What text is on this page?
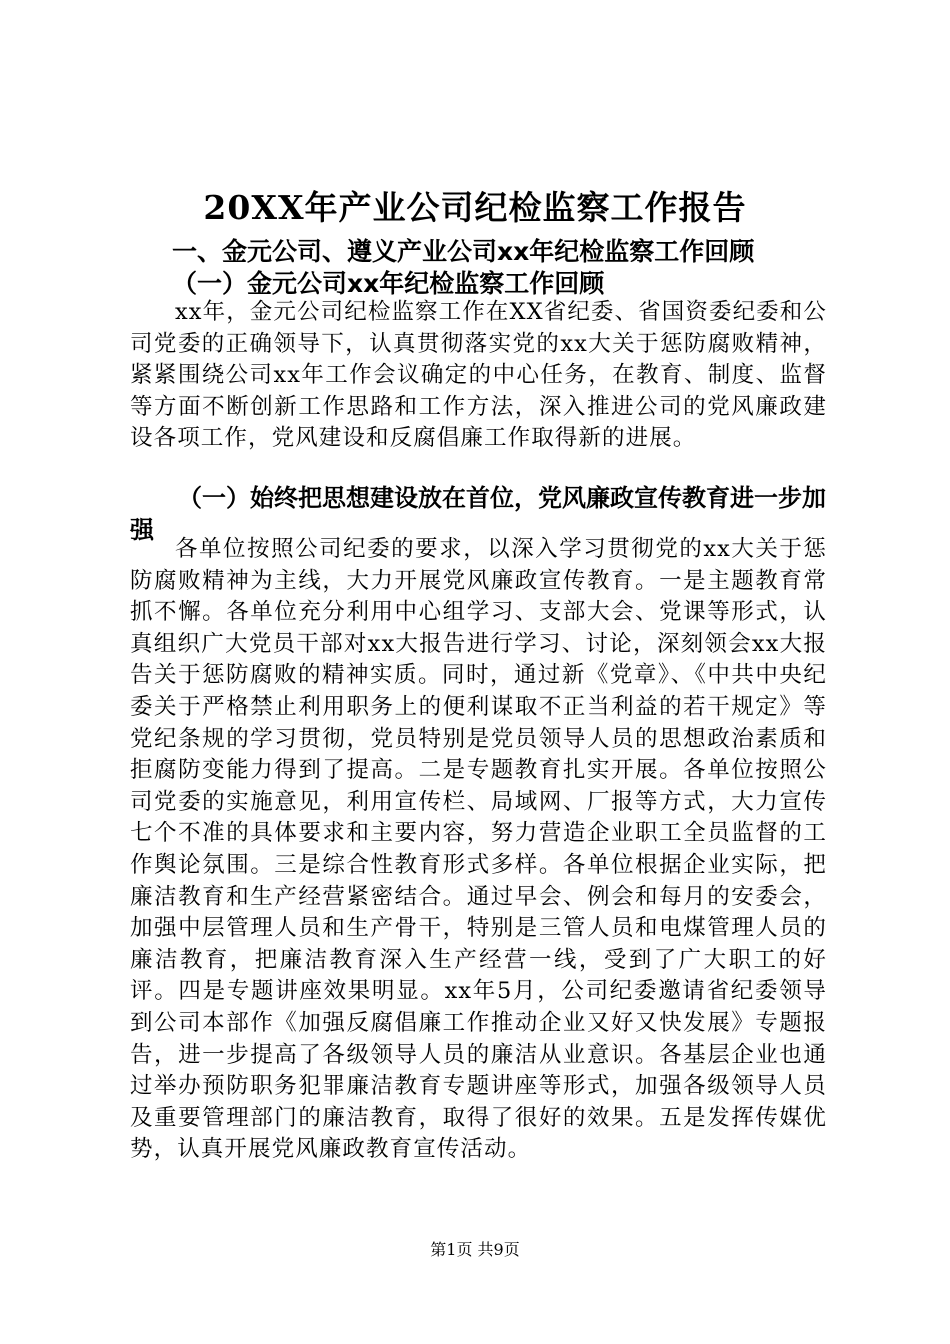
20XX年产业公司纪检监察工作报告
一、金元公司、遵义产业公司xx年纪检监察工作回顾
（一）金元公司xx年纪检监察工作回顾

xx年，金元公司纪检监察工作在XX省纪委、省国资委纪委和公司党委的正确领导下，认真贯彻落实党的xx大关于惩防腐败精神，紧紧围绕公司xx年工作会议确定的中心任务，在教育、制度、监督等方面不断创新工作思路和工作方法，深入推进公司的党风廉政建设各项工作，党风建设和反腐倡廉工作取得新的进展。

（一）始终把思想建设放在首位，党风廉政宣传教育进一步加强

各单位按照公司纪委的要求，以深入学习贯彻党的xx大关于惩防腐败精神为主线，大力开展党风廉政宣传教育。一是主题教育常抓不懈。各单位充分利用中心组学习、支部大会、党课等形式，认真组织广大党员干部对xx大报告进行学习、讨论，深刻领会xx大报告关于惩防腐败的精神实质。同时，通过新《党章》、《中共中央纪委关于严格禁止利用职务上的便利谋取不正当利益的若干规定》等党纪条规的学习贯彻，党员特别是党员领导人员的思想政治素质和拒腐防变能力得到了提高。二是专题教育扎实开展。各单位按照公司党委的实施意见，利用宣传栏、局域网、厂报等方式，大力宣传七个不准的具体要求和主要内容，努力营造企业职工全员监督的工作舆论氛围。三是综合性教育形式多样。各单位根据企业实际，把廉洁教育和生产经营紧密结合。通过早会、例会和每月的安委会，加强中层管理人员和生产骨干，特别是三管人员和电煤管理人员的廉洁教育，把廉洁教育深入生产经营一线，受到了广大职工的好评。四是专题讲座效果明显。xx年5月，公司纪委邀请省纪委领导到公司本部作《加强反腐倡廉工作推动企业又好又快发展》专题报告，进一步提高了各级领导人员的廉洁从业意识。各基层企业也通过举办预防职务犯罪廉洁教育专题讲座等形式，加强各级领导人员及重要管理部门的廉洁教育，取得了很好的效果。五是发挥传媒优势，认真开展党风廉政教育宣传活动。

第1页 共9页
